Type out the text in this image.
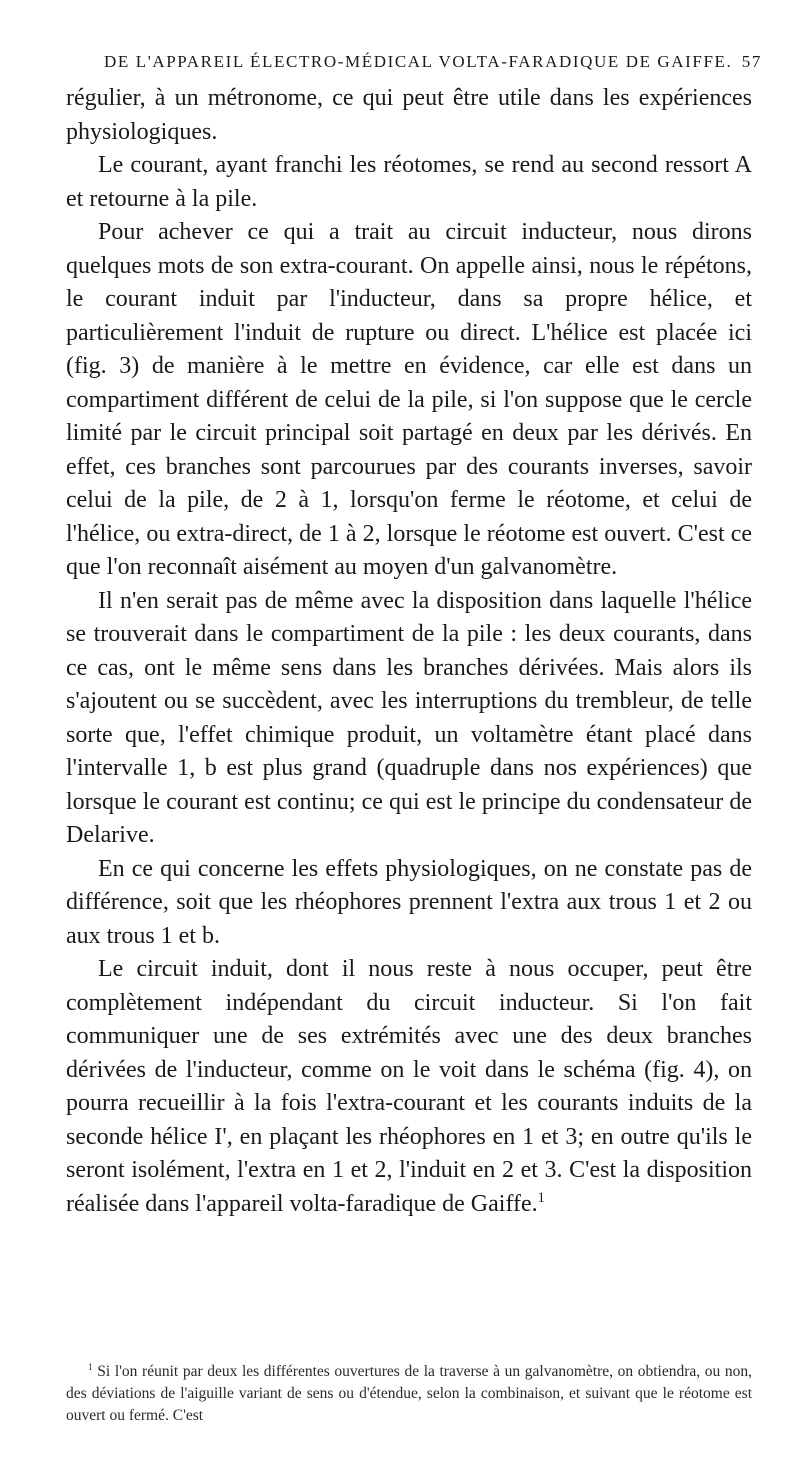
DE L'APPAREIL ÉLECTRO-MÉDICAL VOLTA-FARADIQUE DE GAIFFE. 57

régulier, à un métronome, ce qui peut être utile dans les expériences physiologiques.

Le courant, ayant franchi les réotomes, se rend au second ressort A et retourne à la pile.

Pour achever ce qui a trait au circuit inducteur, nous dirons quelques mots de son extra-courant. On appelle ainsi, nous le répétons, le courant induit par l'inducteur, dans sa propre hélice, et particulièrement l'induit de rupture ou direct. L'hélice est placée ici (fig. 3) de manière à le mettre en évidence, car elle est dans un compartiment différent de celui de la pile, si l'on suppose que le cercle limité par le circuit principal soit partagé en deux par les dérivés. En effet, ces branches sont parcourues par des courants inverses, savoir celui de la pile, de 2 à 1, lorsqu'on ferme le réotome, et celui de l'hélice, ou extra-direct, de 1 à 2, lorsque le réotome est ouvert. C'est ce que l'on reconnaît aisément au moyen d'un galvanomètre.

Il n'en serait pas de même avec la disposition dans laquelle l'hélice se trouverait dans le compartiment de la pile : les deux courants, dans ce cas, ont le même sens dans les branches dérivées. Mais alors ils s'ajoutent ou se succèdent, avec les interruptions du trembleur, de telle sorte que, l'effet chimique produit, un voltamètre étant placé dans l'intervalle 1, b est plus grand (quadruple dans nos expériences) que lorsque le courant est continu; ce qui est le principe du condensateur de Delarive.

En ce qui concerne les effets physiologiques, on ne constate pas de différence, soit que les rhéophores prennent l'extra aux trous 1 et 2 ou aux trous 1 et b.

Le circuit induit, dont il nous reste à nous occuper, peut être complètement indépendant du circuit inducteur. Si l'on fait communiquer une de ses extrémités avec une des deux branches dérivées de l'inducteur, comme on le voit dans le schéma (fig. 4), on pourra recueillir à la fois l'extra-courant et les courants induits de la seconde hélice I', en plaçant les rhéophores en 1 et 3; en outre qu'ils le seront isolément, l'extra en 1 et 2, l'induit en 2 et 3. C'est la disposition réalisée dans l'appareil volta-faradique de Gaiffe.$^1$

$^1$ Si l'on réunit par deux les différentes ouvertures de la traverse à un galvanomètre, on obtiendra, ou non, des déviations de l'aiguille variant de sens ou d'étendue, selon la combinaison, et suivant que le réotome est ouvert ou fermé. C'est
